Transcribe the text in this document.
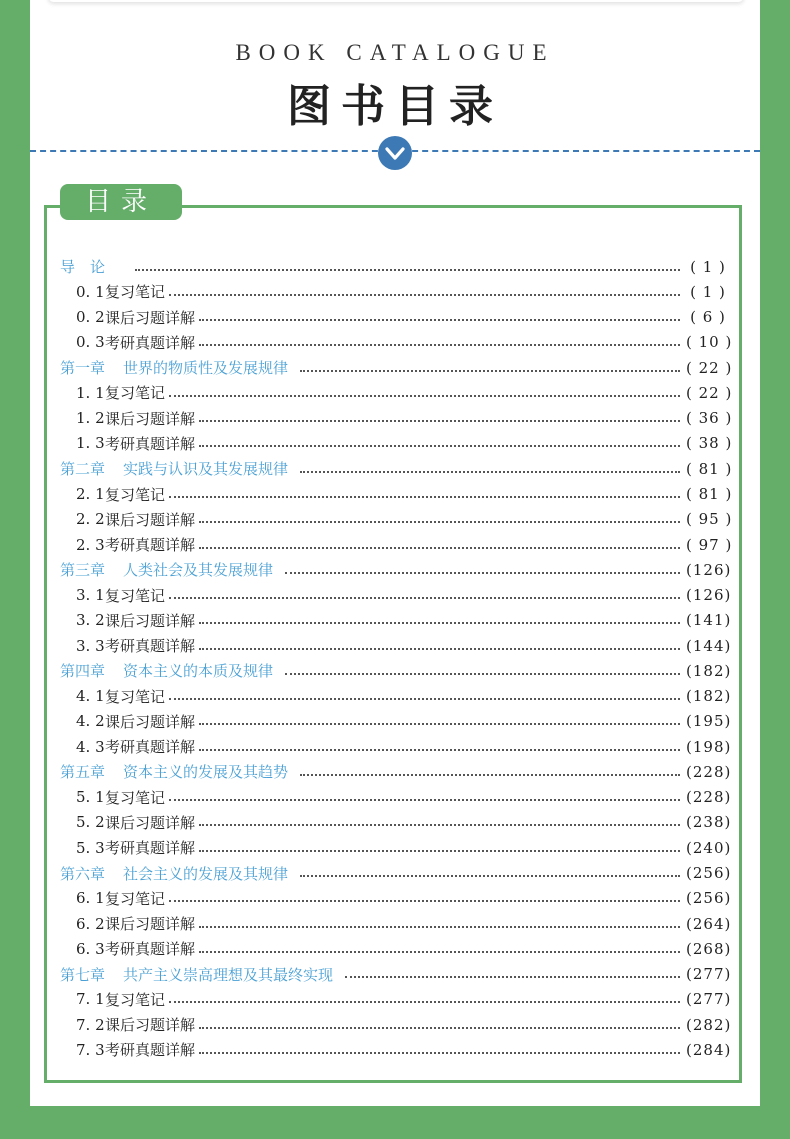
BOOK CATALOGUE
图书目录
目录
导　论	( 1 )
0. 1 复习笔记	( 1 )
0. 2 课后习题详解	( 6 )
0. 3 考研真题详解	( 10 )
第一章 世界的物质性及发展规律	( 22 )
1. 1 复习笔记	( 22 )
1. 2 课后习题详解	( 36 )
1. 3 考研真题详解	( 38 )
第二章 实践与认识及其发展规律	( 81 )
2. 1 复习笔记	( 81 )
2. 2 课后习题详解	( 95 )
2. 3 考研真题详解	( 97 )
第三章 人类社会及其发展规律	(126)
3. 1 复习笔记	(126)
3. 2 课后习题详解	(141)
3. 3 考研真题详解	(144)
第四章 资本主义的本质及规律	(182)
4. 1 复习笔记	(182)
4. 2 课后习题详解	(195)
4. 3 考研真题详解	(198)
第五章 资本主义的发展及其趋势	(228)
5. 1 复习笔记	(228)
5. 2 课后习题详解	(238)
5. 3 考研真题详解	(240)
第六章 社会主义的发展及其规律	(256)
6. 1 复习笔记	(256)
6. 2 课后习题详解	(264)
6. 3 考研真题详解	(268)
第七章 共产主义崇高理想及其最终实现	(277)
7. 1 复习笔记	(277)
7. 2 课后习题详解	(282)
7. 3 考研真题详解	(284)
